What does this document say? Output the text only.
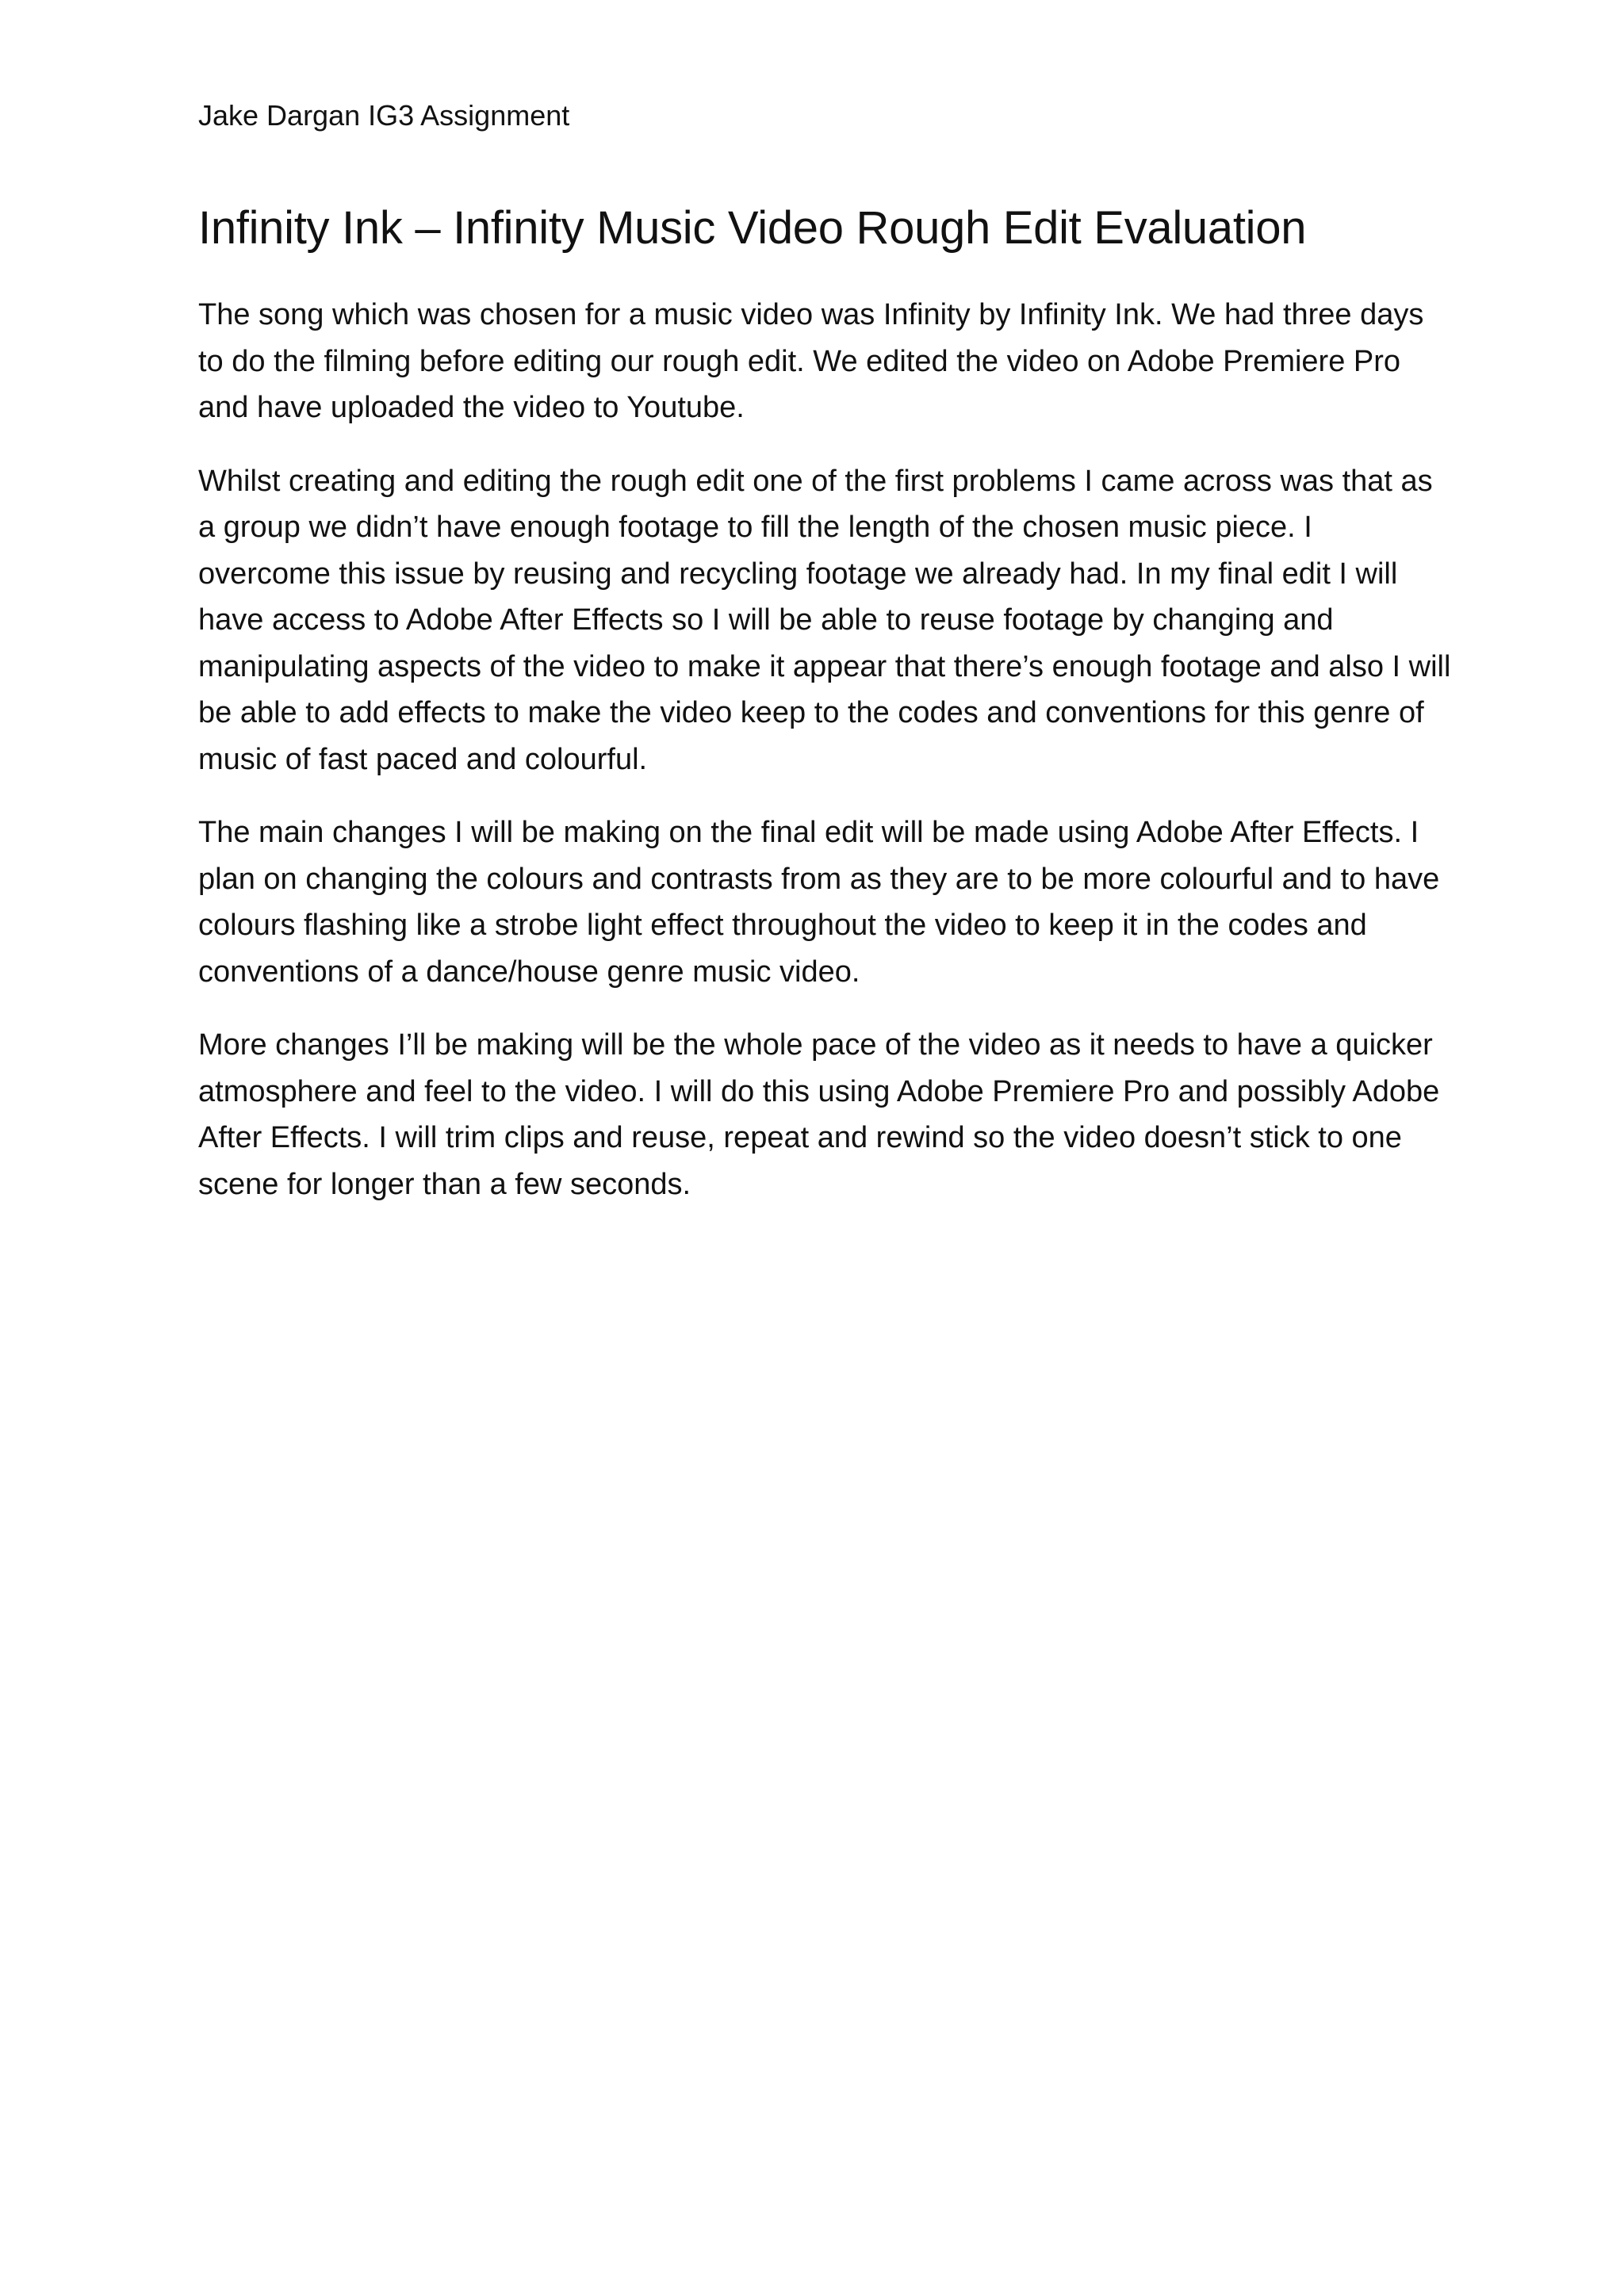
Jake Dargan IG3 Assignment
Infinity Ink – Infinity Music Video Rough Edit Evaluation

The song which was chosen for a music video was Infinity by Infinity Ink. We had three days to do the filming before editing our rough edit. We edited the video on Adobe Premiere Pro and have uploaded the video to Youtube.

Whilst creating and editing the rough edit one of the first problems I came across was that as a group we didn’t have enough footage to fill the length of the chosen music piece. I overcome this issue by reusing and recycling footage we already had. In my final edit I will have access to Adobe After Effects so I will be able to reuse footage by changing and manipulating aspects of the video to make it appear that there’s enough footage and also I will be able to add effects to make the video keep to the codes and conventions for this genre of music of fast paced and colourful.

The main changes I will be making on the final edit will be made using Adobe After Effects. I plan on changing the colours and contrasts from as they are to be more colourful and to have colours flashing like a strobe light effect throughout the video to keep it in the codes and conventions of a dance/house genre music video.

More changes I’ll be making will be the whole pace of the video as it needs to have a quicker atmosphere and feel to the video. I will do this using Adobe Premiere Pro and possibly Adobe After Effects. I will trim clips and reuse, repeat and rewind so the video doesn’t stick to one scene for longer than a few seconds.
